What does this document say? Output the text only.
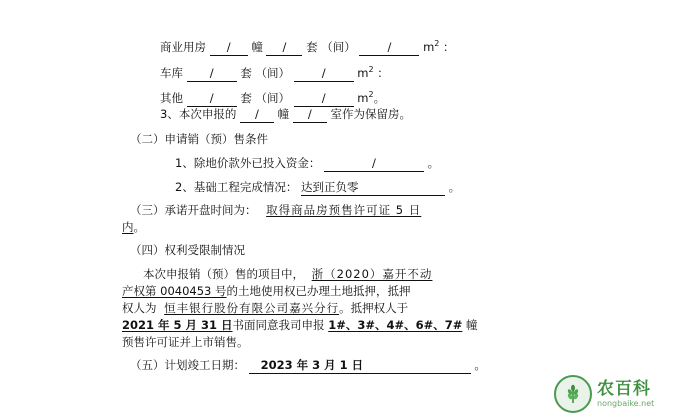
商业用房 / 幢 / 套 （间）	/	$m^2$ ：
车库 / 套 （间）	/	$m^2$ ：
其他 / 套 （间）	/	$m^2$。
3、本次申报的 / 幢 / 室作为保留房。
（二）申请销（预）售条件
1、除地价款外已投入资金：	/	。
2、基础工程完成情况： 达到正负零	。
（三）承诺开盘时间为： 取得商品房预售许可证 5 日
内。
（四）权利受限制情况
本次申报销（预）售的项目中， 浙（2020）嘉开不动
产权第 0040453 号的土地使用权已办理土地抵押，抵押
权人为 恒丰银行股份有限公司嘉兴分行。抵押权人于
2021 年 5 月 31 日书面同意我司申报 1#、3#、4#、6#、7# 幢
预售许可证并上市销售。
（五）计划竣工日期： 2023 年 3 月 1 日	。
农百科
nongbaike.net
